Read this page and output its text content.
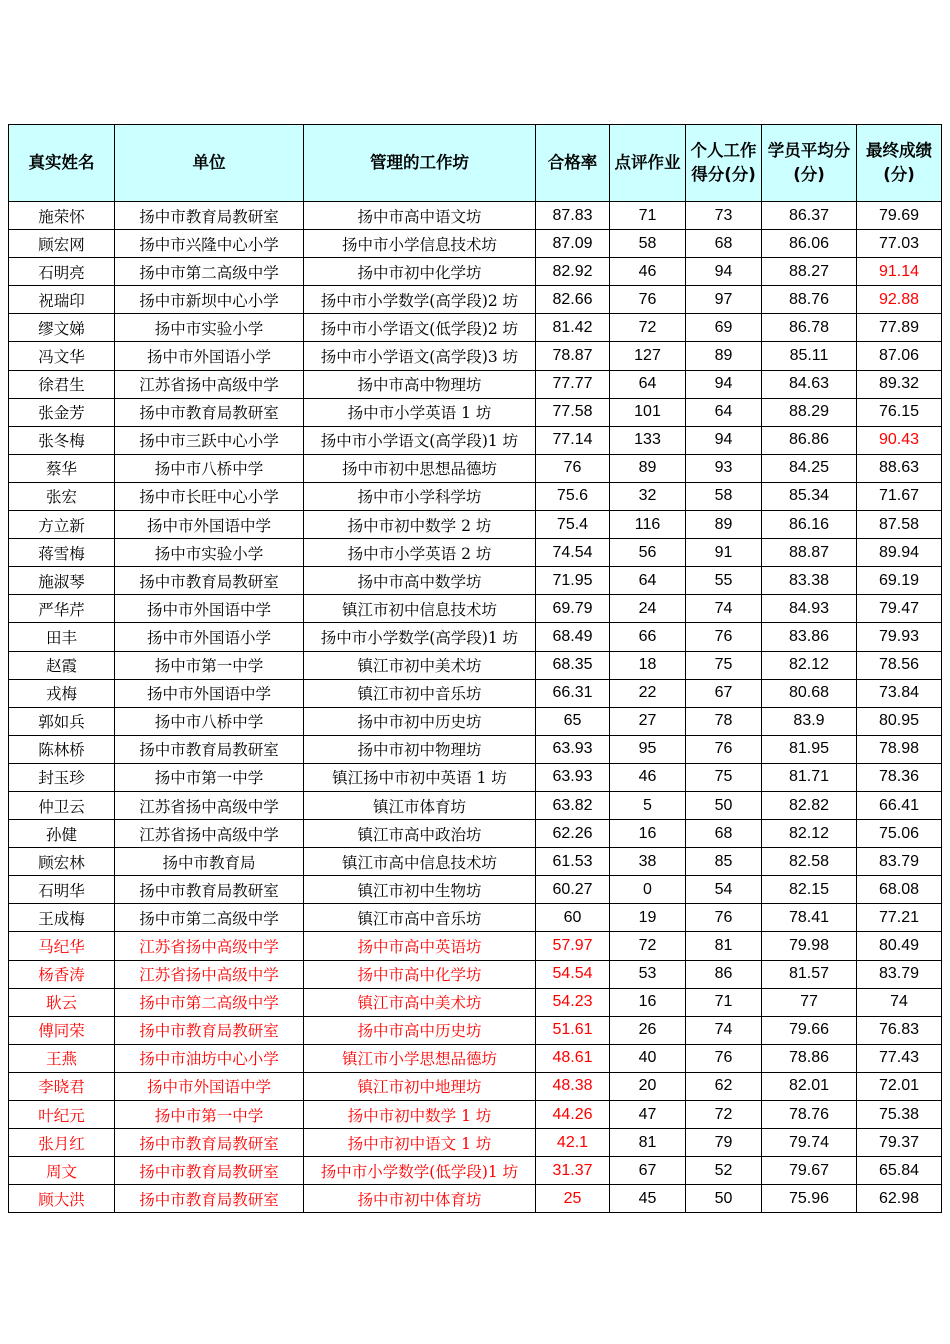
真实姓名	单位	管理的工作坊	合格率	点评作业	个人工作得分(分)	学员平均分(分)	最终成绩(分)
施荣怀	扬中市教育局教研室	扬中市高中语文坊	87.83	71	73	86.37	79.69
顾宏网	扬中市兴隆中心小学	扬中市小学信息技术坊	87.09	58	68	86.06	77.03
石明亮	扬中市第二高级中学	扬中市初中化学坊	82.92	46	94	88.27	91.14
祝瑞印	扬中市新坝中心小学	扬中市小学数学(高学段)2 坊	82.66	76	97	88.76	92.88
缪文娣	扬中市实验小学	扬中市小学语文(低学段)2 坊	81.42	72	69	86.78	77.89
冯文华	扬中市外国语小学	扬中市小学语文(高学段)3 坊	78.87	127	89	85.11	87.06
徐君生	江苏省扬中高级中学	扬中市高中物理坊	77.77	64	94	84.63	89.32
张金芳	扬中市教育局教研室	扬中市小学英语 1 坊	77.58	101	64	88.29	76.15
张冬梅	扬中市三跃中心小学	扬中市小学语文(高学段)1 坊	77.14	133	94	86.86	90.43
蔡华	扬中市八桥中学	扬中市初中思想品德坊	76	89	93	84.25	88.63
张宏	扬中市长旺中心小学	扬中市小学科学坊	75.6	32	58	85.34	71.67
方立新	扬中市外国语中学	扬中市初中数学 2 坊	75.4	116	89	86.16	87.58
蒋雪梅	扬中市实验小学	扬中市小学英语 2 坊	74.54	56	91	88.87	89.94
施淑琴	扬中市教育局教研室	扬中市高中数学坊	71.95	64	55	83.38	69.19
严华芹	扬中市外国语中学	镇江市初中信息技术坊	69.79	24	74	84.93	79.47
田丰	扬中市外国语小学	扬中市小学数学(高学段)1 坊	68.49	66	76	83.86	79.93
赵霞	扬中市第一中学	镇江市初中美术坊	68.35	18	75	82.12	78.56
戎梅	扬中市外国语中学	镇江市初中音乐坊	66.31	22	67	80.68	73.84
郭如兵	扬中市八桥中学	扬中市初中历史坊	65	27	78	83.9	80.95
陈林桥	扬中市教育局教研室	扬中市初中物理坊	63.93	95	76	81.95	78.98
封玉珍	扬中市第一中学	镇江扬中市初中英语 1 坊	63.93	46	75	81.71	78.36
仲卫云	江苏省扬中高级中学	镇江市体育坊	63.82	5	50	82.82	66.41
孙健	江苏省扬中高级中学	镇江市高中政治坊	62.26	16	68	82.12	75.06
顾宏林	扬中市教育局	镇江市高中信息技术坊	61.53	38	85	82.58	83.79
石明华	扬中市教育局教研室	镇江市初中生物坊	60.27	0	54	82.15	68.08
王成梅	扬中市第二高级中学	镇江市高中音乐坊	60	19	76	78.41	77.21
马纪华	江苏省扬中高级中学	扬中市高中英语坊	57.97	72	81	79.98	80.49
杨香涛	江苏省扬中高级中学	扬中市高中化学坊	54.54	53	86	81.57	83.79
耿云	扬中市第二高级中学	镇江市高中美术坊	54.23	16	71	77	74
傅同荣	扬中市教育局教研室	扬中市高中历史坊	51.61	26	74	79.66	76.83
王燕	扬中市油坊中心小学	镇江市小学思想品德坊	48.61	40	76	78.86	77.43
李晓君	扬中市外国语中学	镇江市初中地理坊	48.38	20	62	82.01	72.01
叶纪元	扬中市第一中学	扬中市初中数学 1 坊	44.26	47	72	78.76	75.38
张月红	扬中市教育局教研室	扬中市初中语文 1 坊	42.1	81	79	79.74	79.37
周文	扬中市教育局教研室	扬中市小学数学(低学段)1 坊	31.37	67	52	79.67	65.84
顾大洪	扬中市教育局教研室	扬中市初中体育坊	25	45	50	75.96	62.98
